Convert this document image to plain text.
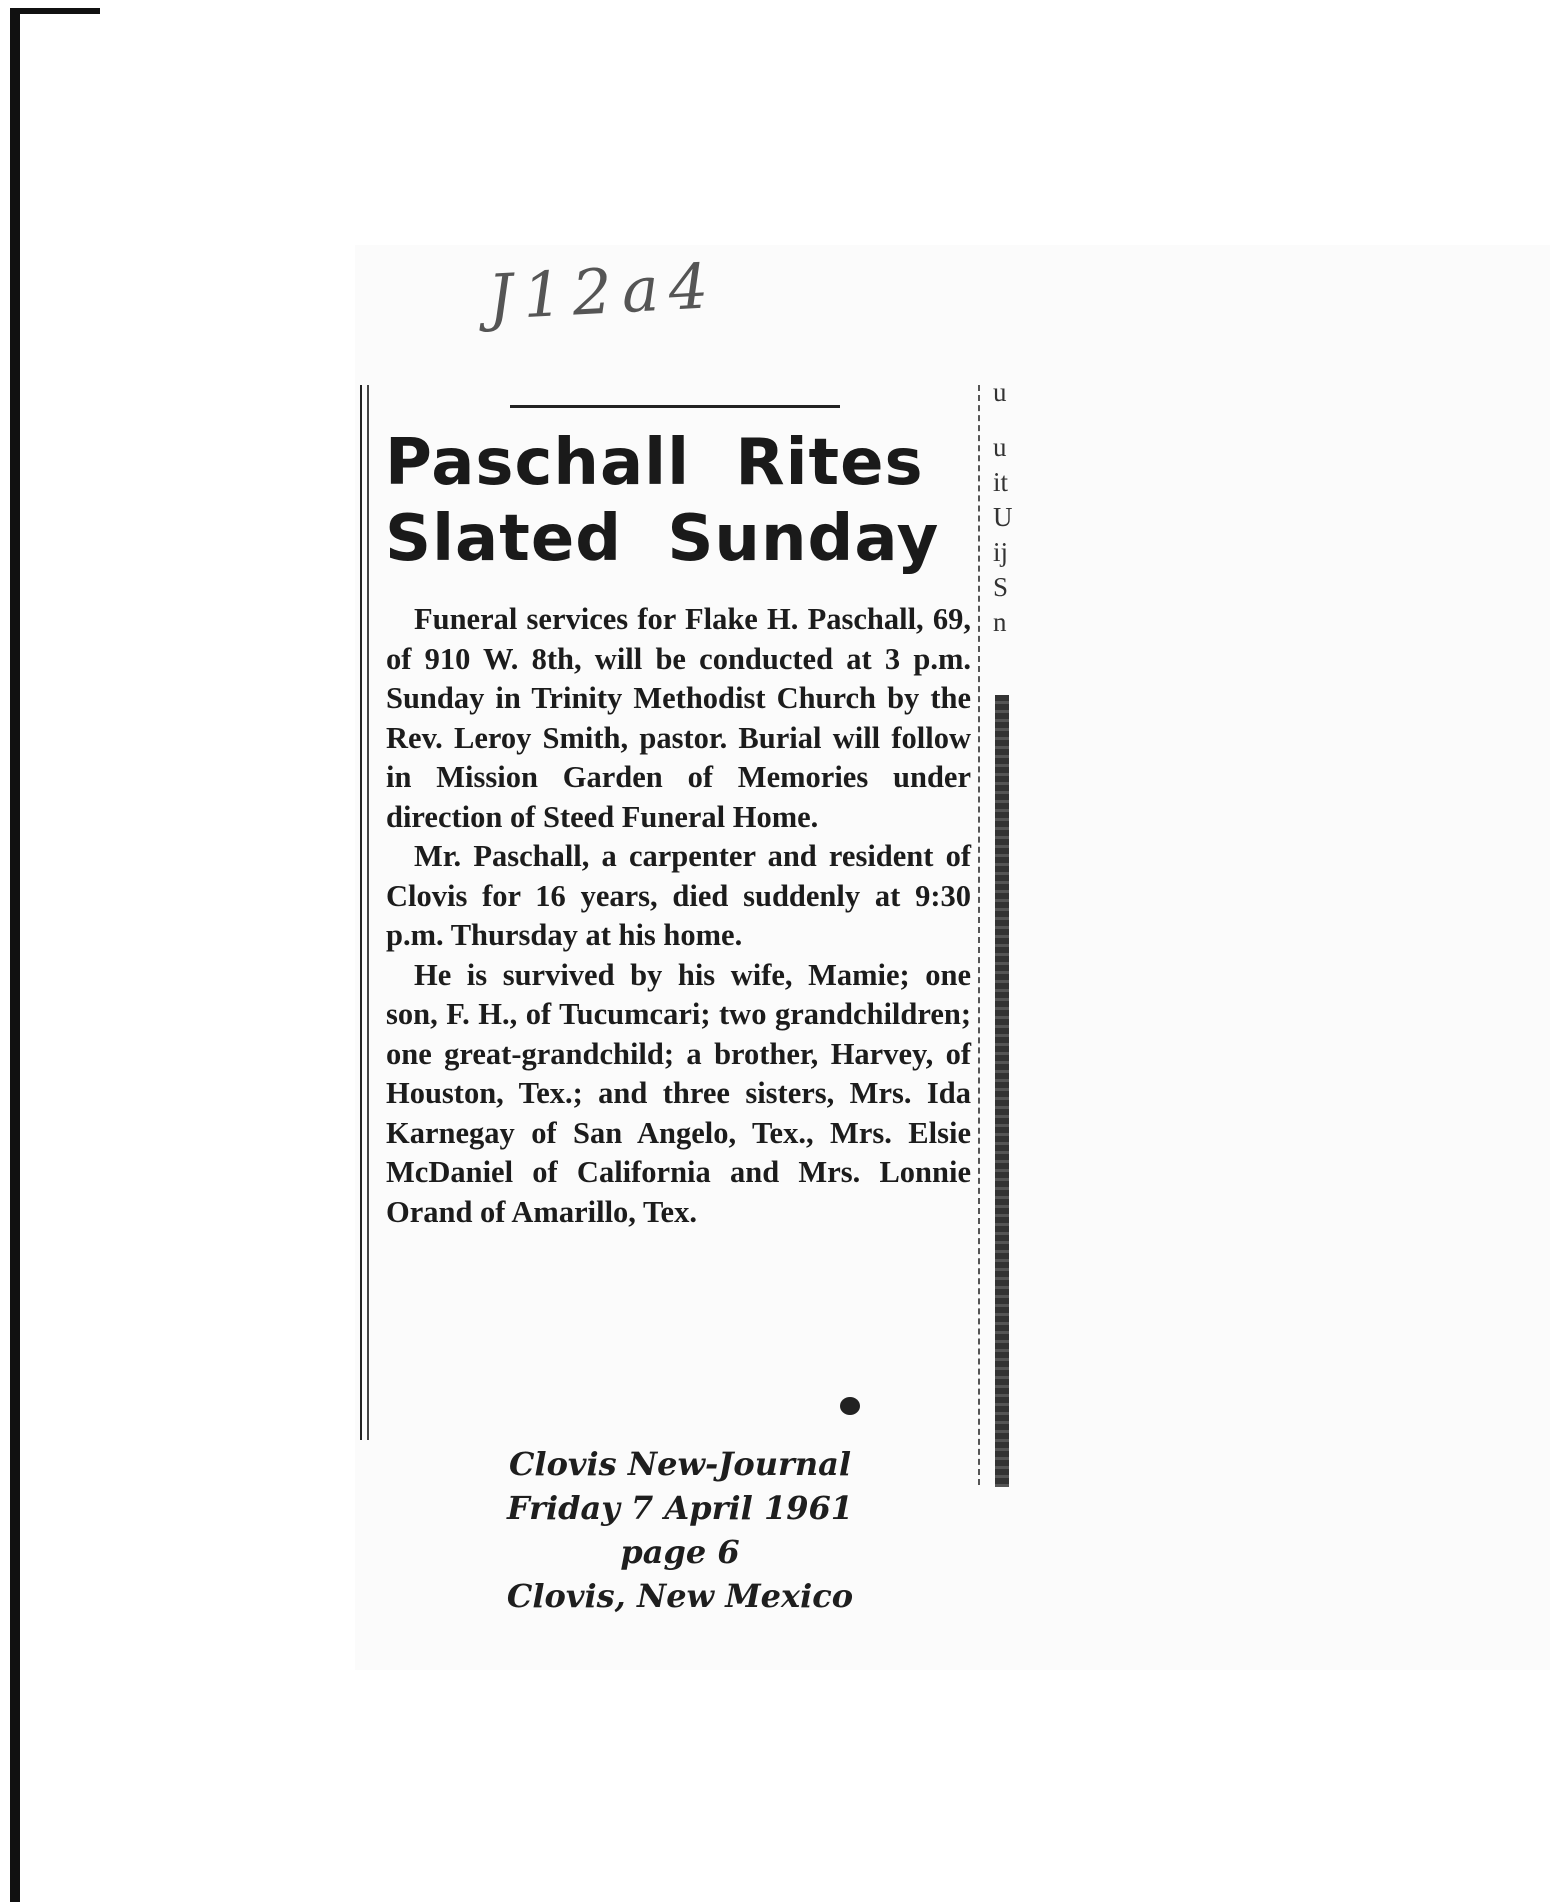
J12a4
u
u
it
U
ij
S
n
Paschall Rites
Slated Sunday

Funeral services for Flake H. Paschall, 69, of 910 W. 8th, will be conducted at 3 p.m. Sunday in Trinity Methodist Church by the Rev. Leroy Smith, pastor. Burial will follow in Mission Garden of Memories under direction of Steed Funeral Home.

Mr. Paschall, a carpenter and resident of Clovis for 16 years, died suddenly at 9:30 p.m. Thursday at his home.

He is survived by his wife, Mamie; one son, F. H., of Tucumcari; two grandchildren; one great-grandchild; a brother, Harvey, of Houston, Tex.; and three sisters, Mrs. Ida Karnegay of San Angelo, Tex., Mrs. Elsie McDaniel of California and Mrs. Lonnie Orand of Amarillo, Tex.

Clovis New-Journal
Friday 7 April 1961
page 6
Clovis, New Mexico
